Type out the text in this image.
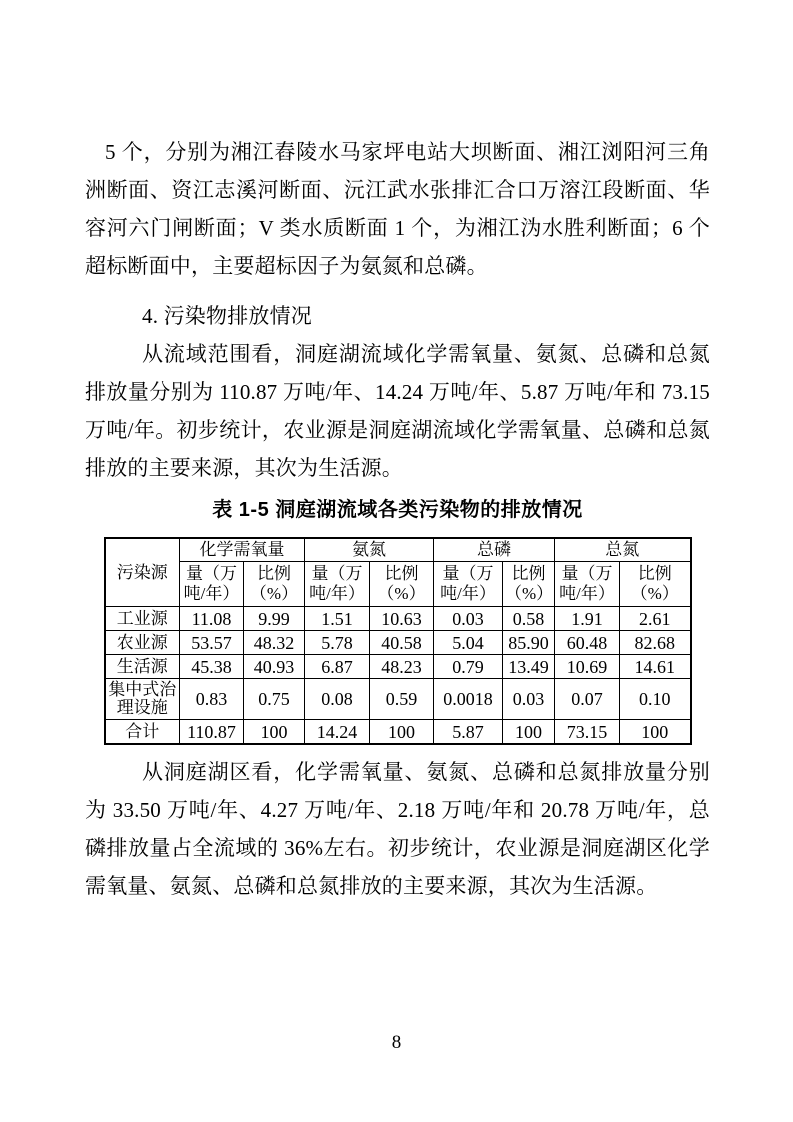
5 个，分别为湘江舂陵水马家坪电站大坝断面、湘江浏阳河三角洲断面、资江志溪河断面、沅江武水张排汇合口万溶江段断面、华容河六门闸断面；V 类水质断面 1 个，为湘江沩水胜利断面；6 个超标断面中，主要超标因子为氨氮和总磷。

4. 污染物排放情况

从流域范围看，洞庭湖流域化学需氧量、氨氮、总磷和总氮排放量分别为 110.87 万吨/年、14.24 万吨/年、5.87 万吨/年和 73.15 万吨/年。初步统计，农业源是洞庭湖流域化学需氧量、总磷和总氮排放的主要来源，其次为生活源。

表 1-5 洞庭湖流域各类污染物的排放情况
污染源	化学需氧量		氨氮		总磷		总氮	
	量（万吨/年）	比例（%）	量（万吨/年）	比例（%）	量（万吨/年）	比例（%）	量（万吨/年）	比例（%）
工业源	11.08	9.99	1.51	10.63	0.03	0.58	1.91	2.61
农业源	53.57	48.32	5.78	40.58	5.04	85.90	60.48	82.68
生活源	45.38	40.93	6.87	48.23	0.79	13.49	10.69	14.61
集中式治理设施	0.83	0.75	0.08	0.59	0.0018	0.03	0.07	0.10
合计	110.87	100	14.24	100	5.87	100	73.15	100

从洞庭湖区看，化学需氧量、氨氮、总磷和总氮排放量分别为 33.50 万吨/年、4.27 万吨/年、2.18 万吨/年和 20.78 万吨/年，总磷排放量占全流域的 36%左右。初步统计，农业源是洞庭湖区化学需氧量、氨氮、总磷和总氮排放的主要来源，其次为生活源。

8
